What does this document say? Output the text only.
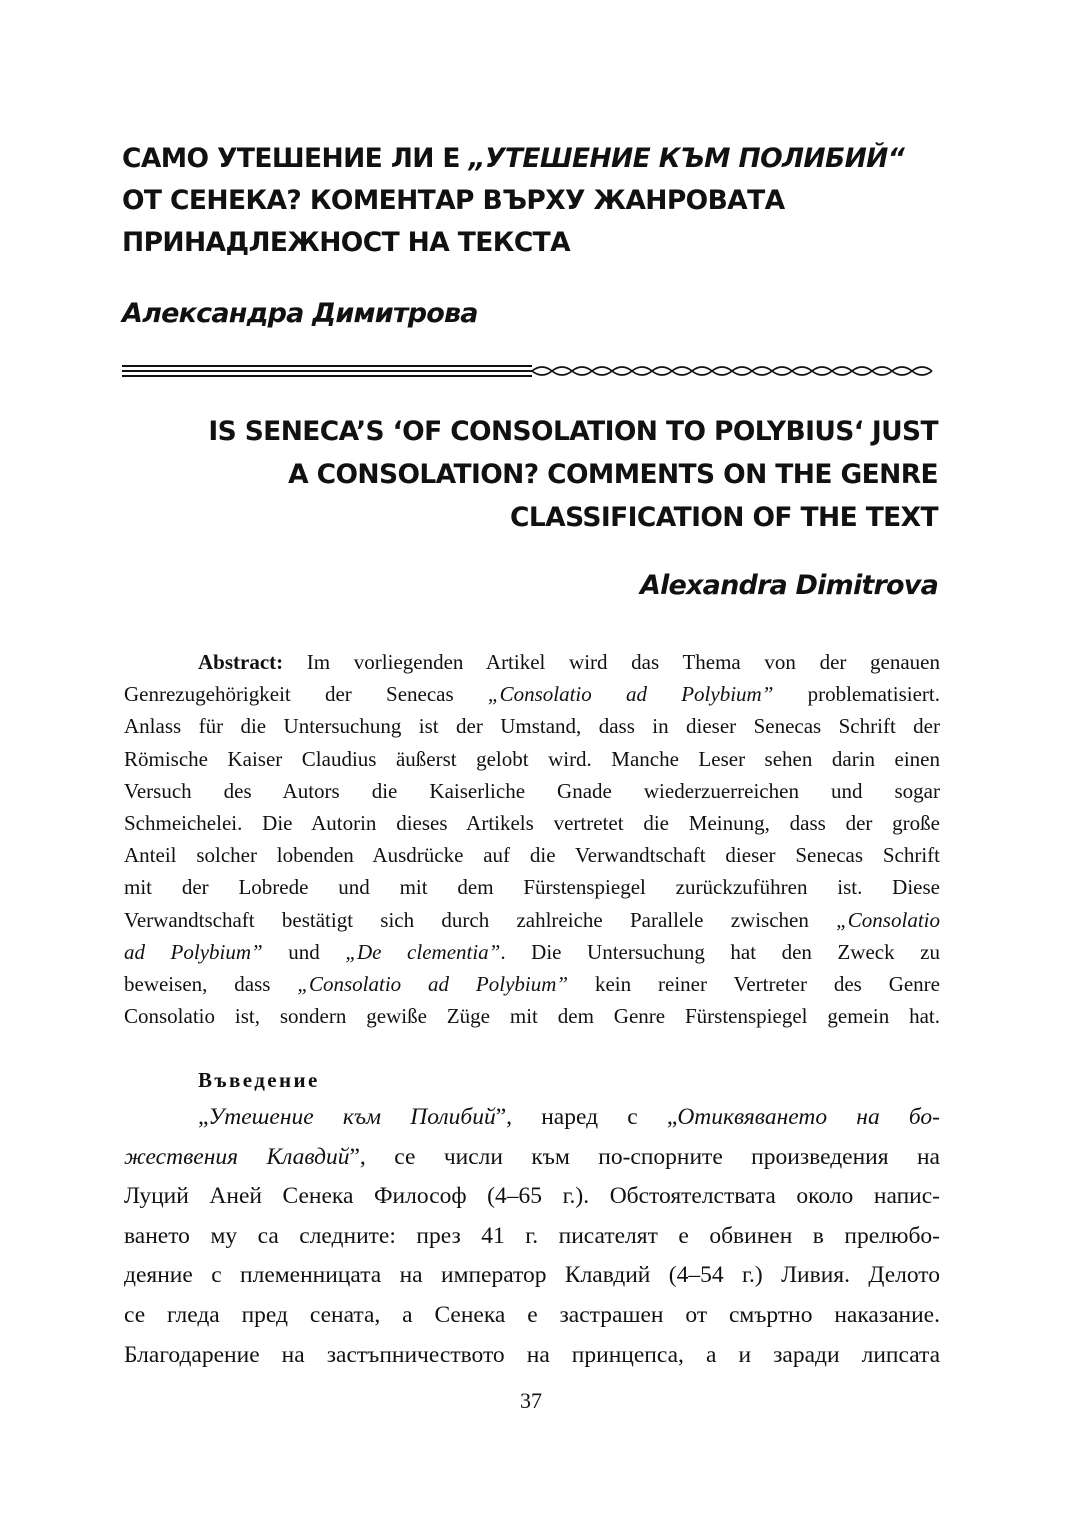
САМО УТЕШЕНИЕ ЛИ Е „УТЕШЕНИЕ КЪМ ПОЛИБИЙ“
ОТ СЕНЕКА? КОМЕНТАР ВЪРХУ ЖАНРОВАТА
ПРИНАДЛЕЖНОСТ НА ТЕКСТА
Александра Димитрова
IS SENECA’S ‘OF CONSOLATION TO POLYBIUS‘ JUST
A CONSOLATION? COMMENTS ON THE GENRE
CLASSIFICATION OF THE TEXT
Alexandra Dimitrova
Abstract: Im vorliegenden Artikel wird das Thema von der genauen
Genrezugehörigkeit der Senecas „Consolatio ad Polybium” problematisiert.
Anlass für die Untersuchung ist der Umstand, dass in dieser Senecas Schrift der
Römische Kaiser Claudius äußerst gelobt wird. Manche Leser sehen darin einen
Versuch des Autors die Kaiserliche Gnade wiederzuerreichen und sogar
Schmeichelei. Die Autorin dieses Artikels vertretet die Meinung, dass der große
Anteil solcher lobenden Ausdrücke auf die Verwandtschaft dieser Senecas Schrift
mit der Lobrede und mit dem Fürstenspiegel zurückzuführen ist. Diese
Verwandtschaft bestätigt sich durch zahlreiche Parallele zwischen „Consolatio
ad Polybium” und „De clementia”. Die Untersuchung hat den Zweck zu
beweisen, dass „Consolatio ad Polybium” kein reiner Vertreter des Genre
Consolatio ist, sondern gewiße Züge mit dem Genre Fürstenspiegel gemein hat.
Въведение
„Утешение към Полибий”, наред с „Отиквяването на бо-
жествения Клавдий”, се числи към по-спорните произведения на
Луций Аней Сенека Философ (4–65 г.). Обстоятелствата около напис-
ването му са следните: през 41 г. писателят е обвинен в прелюбо-
деяние с племенницата на император Клавдий (4–54 г.) Ливия. Делото
се гледа пред сената, а Сенека е застрашен от смъртно наказание.
Благодарение на застъпничеството на принцепса, а и заради липсата
37
